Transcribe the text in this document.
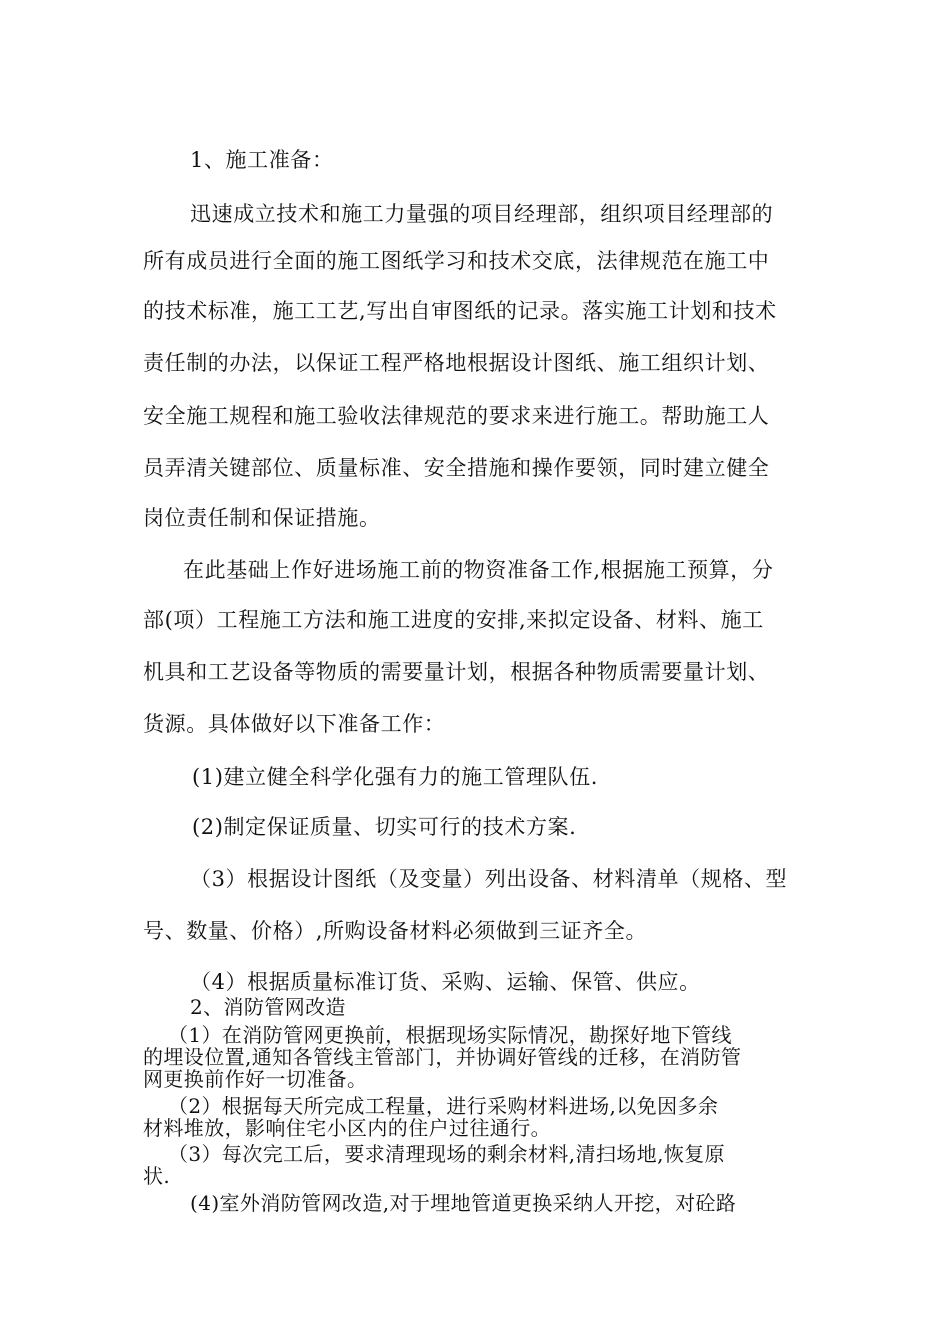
1、施工准备：
迅速成立技术和施工力量强的项目经理部，组织项目经理部的
所有成员进行全面的施工图纸学习和技术交底，法律规范在施工中
的技术标准，施工工艺,写出自审图纸的记录。落实施工计划和技术
责任制的办法，以保证工程严格地根据设计图纸、施工组织计划、
安全施工规程和施工验收法律规范的要求来进行施工。帮助施工人
员弄清关键部位、质量标准、安全措施和操作要领，同时建立健全
岗位责任制和保证措施。
在此基础上作好进场施工前的物资准备工作,根据施工预算，分
部(项）工程施工方法和施工进度的安排,来拟定设备、材料、施工
机具和工艺设备等物质的需要量计划，根据各种物质需要量计划、
货源。具体做好以下准备工作：
(1)建立健全科学化强有力的施工管理队伍.
(2)制定保证质量、切实可行的技术方案.
（3）根据设计图纸（及变量）列出设备、材料清单（规格、型
号、数量、价格）,所购设备材料必须做到三证齐全。
（4）根据质量标准订货、采购、运输、保管、供应。
2、消防管网改造
（1）在消防管网更换前，根据现场实际情况，勘探好地下管线
的埋设位置,通知各管线主管部门，并协调好管线的迁移，在消防管
网更换前作好一切准备。
（2）根据每天所完成工程量，进行采购材料进场,以免因多余
材料堆放，影响住宅小区内的住户过往通行。
（3）每次完工后，要求清理现场的剩余材料,清扫场地,恢复原
状.
(4)室外消防管网改造,对于埋地管道更换采纳人开挖，对砼路
